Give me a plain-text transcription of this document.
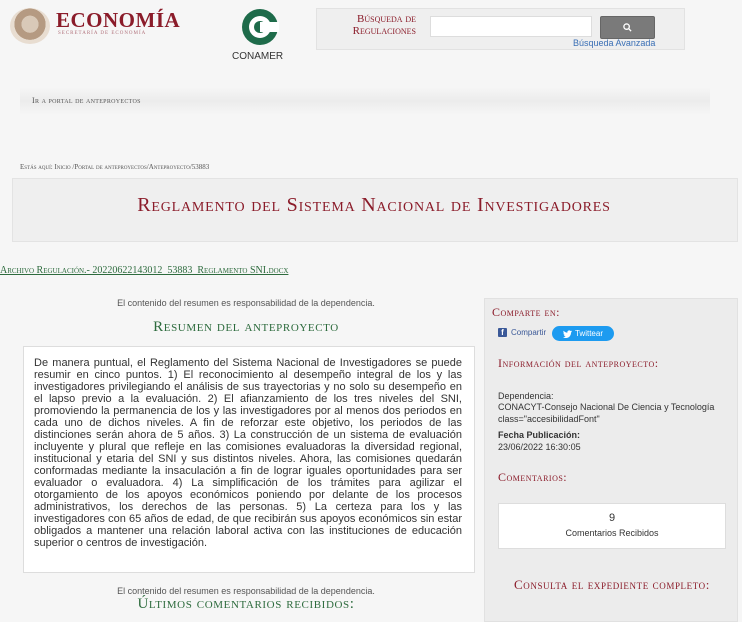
ECONOMÍA
SECRETARÍA DE ECONOMÍA
CONAMER
Búsqueda de
Regulaciones
Búsqueda Avanzada
Ir a portal de anteproyectos
Estás aquí: Inicio /Portal de anteproyectos/Anteproyecto/53883
Reglamento del Sistema Nacional de Investigadores
Archivo Regulación.- 20220622143012_53883_Reglamento SNI.docx
El contenido del resumen es responsabilidad de la dependencia.
Resumen del anteproyecto
De manera puntual, el Reglamento del Sistema Nacional de Investigadores se puede resumir en cinco puntos. 1) El reconocimiento al desempeño integral de los y las investigadores privilegiando el análisis de sus trayectorias y no solo su desempeño en el lapso previo a la evaluación. 2) El afianzamiento de los tres niveles del SNI, promoviendo la permanencia de los y las investigadores por al menos dos periodos en cada uno de dichos niveles. A fin de reforzar este objetivo, los periodos de las distinciones serán ahora de 5 años. 3) La construcción de un sistema de evaluación incluyente y plural que refleje en las comisiones evaluadoras la diversidad regional, institucional y etaria del SNI y sus distintos niveles. Ahora, las comisiones quedarán conformadas mediante la insaculación a fin de lograr iguales oportunidades para ser evaluador o evaluadora. 4) La simplificación de los trámites para agilizar el otorgamiento de los apoyos económicos poniendo por delante de los procesos administrativos, los derechos de las personas. 5) La certeza para los y las investigadores con 65 años de edad, de que recibirán sus apoyos económicos sin estar obligados a mantener una relación laboral activa con las instituciones de educación superior o centros de investigación.
El contenido del resumen es responsabilidad de la dependencia.
Últimos comentarios recibidos:
Comparte en:
f Compartir	Twittear
Información del anteproyecto:
Dependencia:
CONACYT-Consejo Nacional De Ciencia y Tecnología
class="accesibilidadFont"
Fecha Publicación:
23/06/2022 16:30:05
Comentarios:
9
Comentarios Recibidos
Consulta el expediente completo:
